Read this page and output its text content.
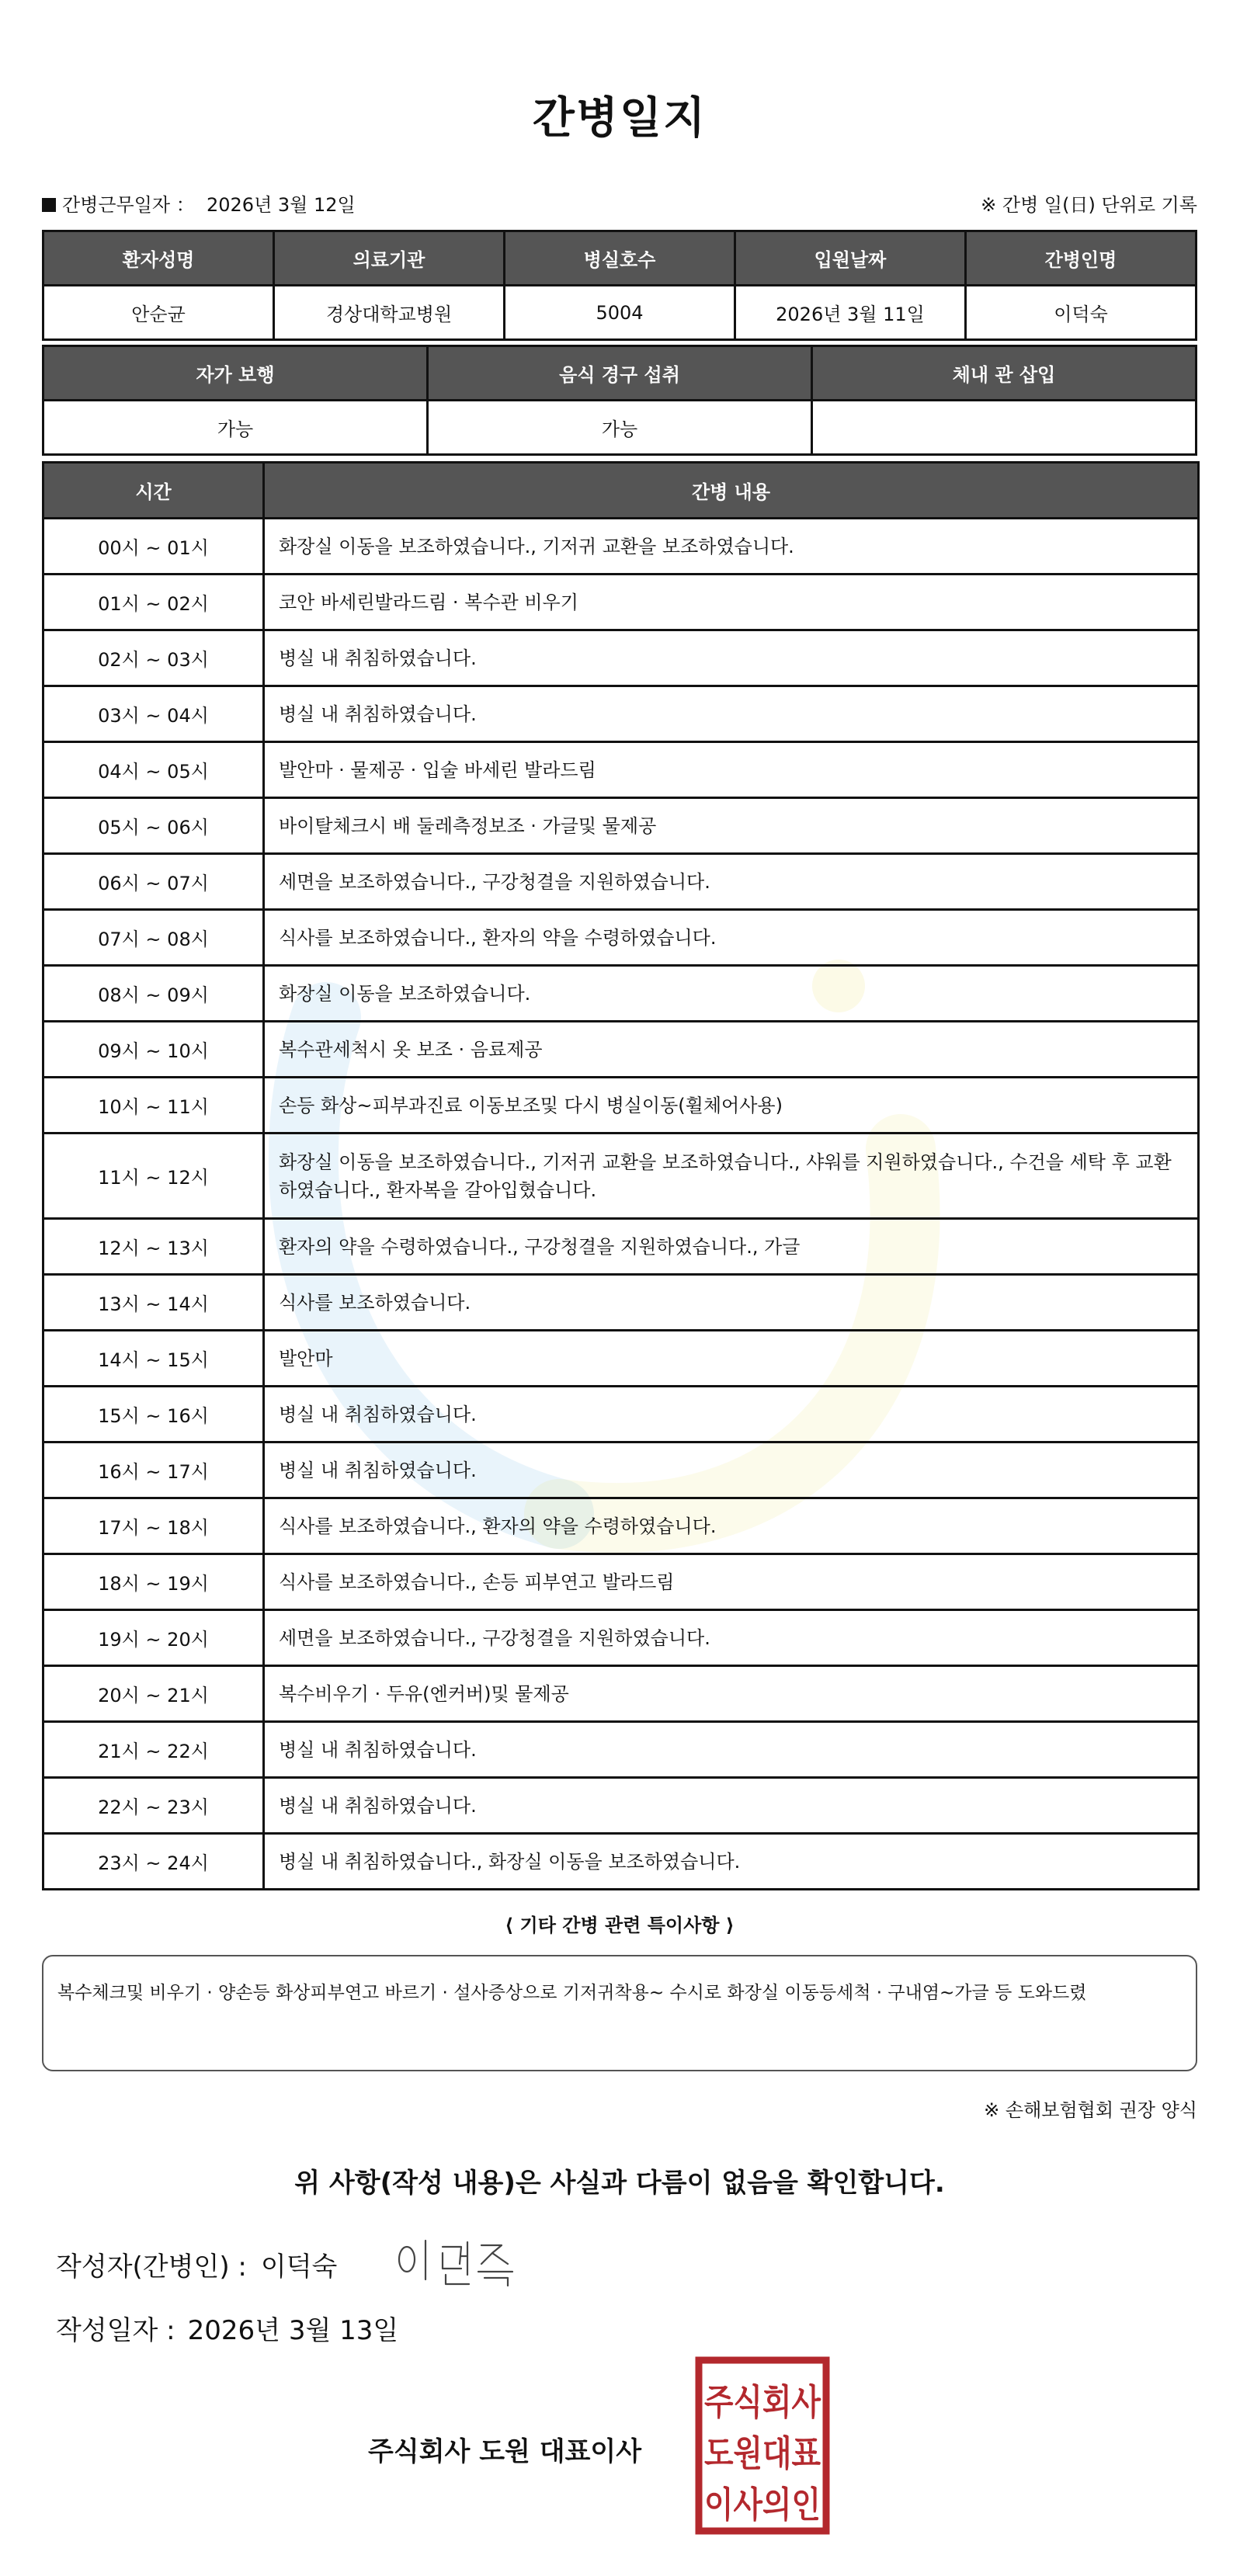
간병일지
간병근무일자 ： 2026년 3월 12일	※ 간병 일(日) 단위로 기록
환자성명	의료기관	병실호수	입원날짜	간병인명
안순균	경상대학교병원	5004	2026년 3월 11일	이덕숙
자가 보행	음식 경구 섭취	체내 관 삽입
가능	가능	
시간	간병 내용
00시 ~ 01시	화장실 이동을 보조하였습니다., 기저귀 교환을 보조하였습니다.
01시 ~ 02시	코안 바세린발라드림 · 복수관 비우기
02시 ~ 03시	병실 내 취침하였습니다.
03시 ~ 04시	병실 내 취침하였습니다.
04시 ~ 05시	발안마 · 물제공 · 입술 바세린 발라드림
05시 ~ 06시	바이탈체크시 배 둘레측정보조 · 가글및 물제공
06시 ~ 07시	세면을 보조하였습니다., 구강청결을 지원하였습니다.
07시 ~ 08시	식사를 보조하였습니다., 환자의 약을 수령하였습니다.
08시 ~ 09시	화장실 이동을 보조하였습니다.
09시 ~ 10시	복수관세척시 옷 보조 · 음료제공
10시 ~ 11시	손등 화상~피부과진료 이동보조및 다시 병실이동(휠체어사용)
11시 ~ 12시	화장실 이동을 보조하였습니다., 기저귀 교환을 보조하였습니다., 샤워를 지원하였습니다., 수건을 세탁 후 교환하였습니다., 환자복을 갈아입혔습니다.
12시 ~ 13시	환자의 약을 수령하였습니다., 구강청결을 지원하였습니다., 가글
13시 ~ 14시	식사를 보조하였습니다.
14시 ~ 15시	발안마
15시 ~ 16시	병실 내 취침하였습니다.
16시 ~ 17시	병실 내 취침하였습니다.
17시 ~ 18시	식사를 보조하였습니다., 환자의 약을 수령하였습니다.
18시 ~ 19시	식사를 보조하였습니다., 손등 피부연고 발라드림
19시 ~ 20시	세면을 보조하였습니다., 구강청결을 지원하였습니다.
20시 ~ 21시	복수비우기 · 두유(엔커버)및 물제공
21시 ~ 22시	병실 내 취침하였습니다.
22시 ~ 23시	병실 내 취침하였습니다.
23시 ~ 24시	병실 내 취침하였습니다., 화장실 이동을 보조하였습니다.
⟨ 기타 간병 관련 특이사항 ⟩
복수체크및 비우기 · 양손등 화상피부연고 바르기 · 설사증상으로 기저귀착용~ 수시로 화장실 이동등세척 · 구내염~가글 등 도와드렸
※ 손해보험협회 권장 양식
위 사항(작성 내용)은 사실과 다름이 없음을 확인합니다.
작성자(간병인) : 이덕숙
작성일자 : 2026년 3월 13일
주식회사 도원 대표이사
주식회사
도원대표
이사의인
